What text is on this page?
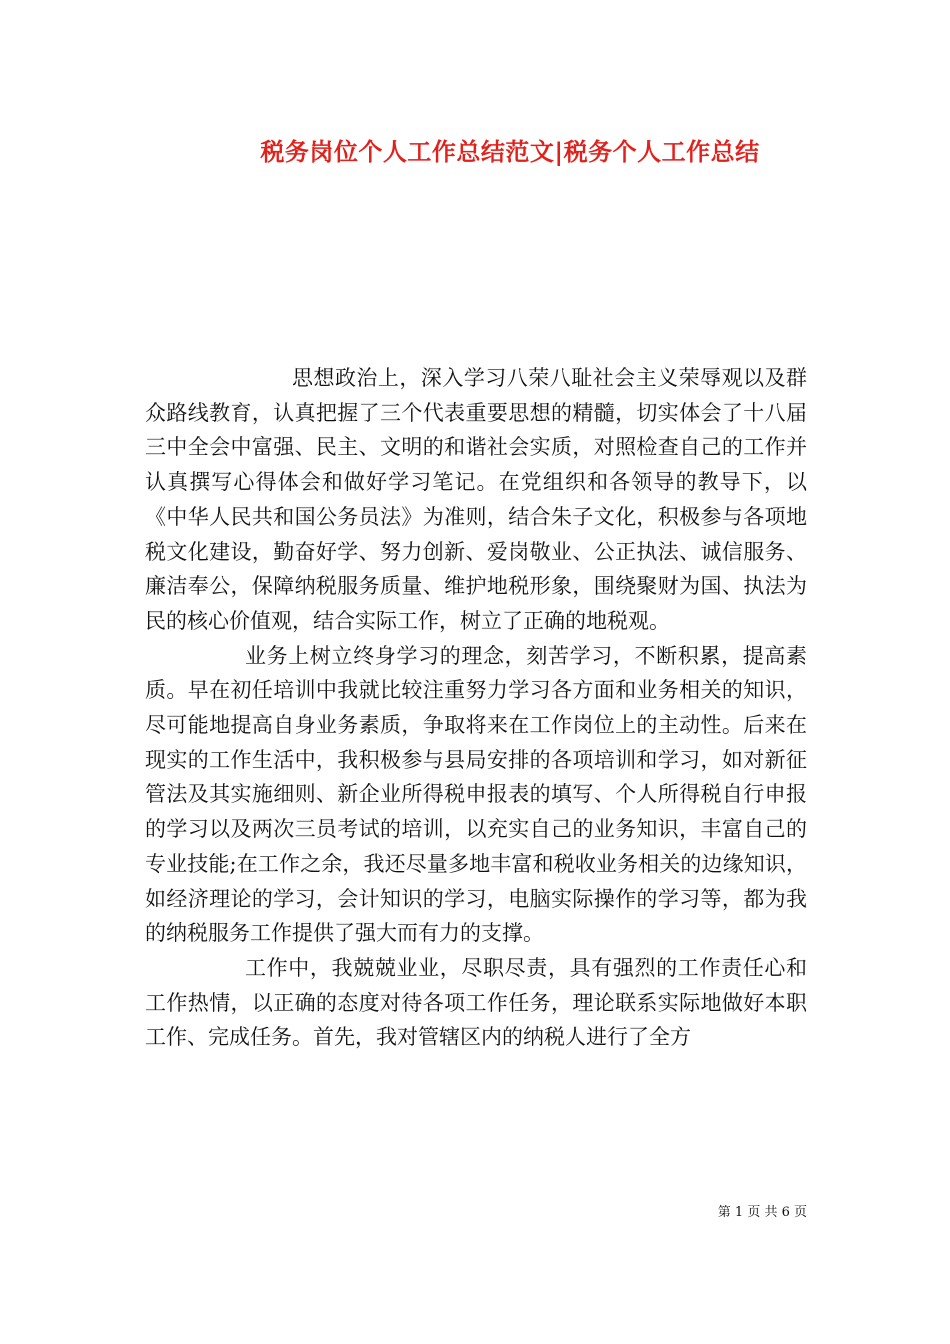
税务岗位个人工作总结范文|税务个人工作总结

思想政治上，深入学习八荣八耻社会主义荣辱观以及群众路线教育，认真把握了三个代表重要思想的精髓，切实体会了十八届三中全会中富强、民主、文明的和谐社会实质，对照检查自己的工作并认真撰写心得体会和做好学习笔记。在党组织和各领导的教导下，以《中华人民共和国公务员法》为准则，结合朱子文化，积极参与各项地税文化建设，勤奋好学、努力创新、爱岗敬业、公正执法、诚信服务、廉洁奉公，保障纳税服务质量、维护地税形象，围绕聚财为国、执法为民的核心价值观，结合实际工作，树立了正确的地税观。

业务上树立终身学习的理念，刻苦学习，不断积累，提高素质。早在初任培训中我就比较注重努力学习各方面和业务相关的知识，尽可能地提高自身业务素质，争取将来在工作岗位上的主动性。后来在现实的工作生活中，我积极参与县局安排的各项培训和学习，如对新征管法及其实施细则、新企业所得税申报表的填写、个人所得税自行申报的学习以及两次三员考试的培训，以充实自己的业务知识，丰富自己的专业技能;在工作之余，我还尽量多地丰富和税收业务相关的边缘知识，如经济理论的学习，会计知识的学习，电脑实际操作的学习等，都为我的纳税服务工作提供了强大而有力的支撑。

工作中，我兢兢业业，尽职尽责，具有强烈的工作责任心和工作热情，以正确的态度对待各项工作任务，理论联系实际地做好本职工作、完成任务。首先，我对管辖区内的纳税人进行了全方

第 1 页 共 6 页
